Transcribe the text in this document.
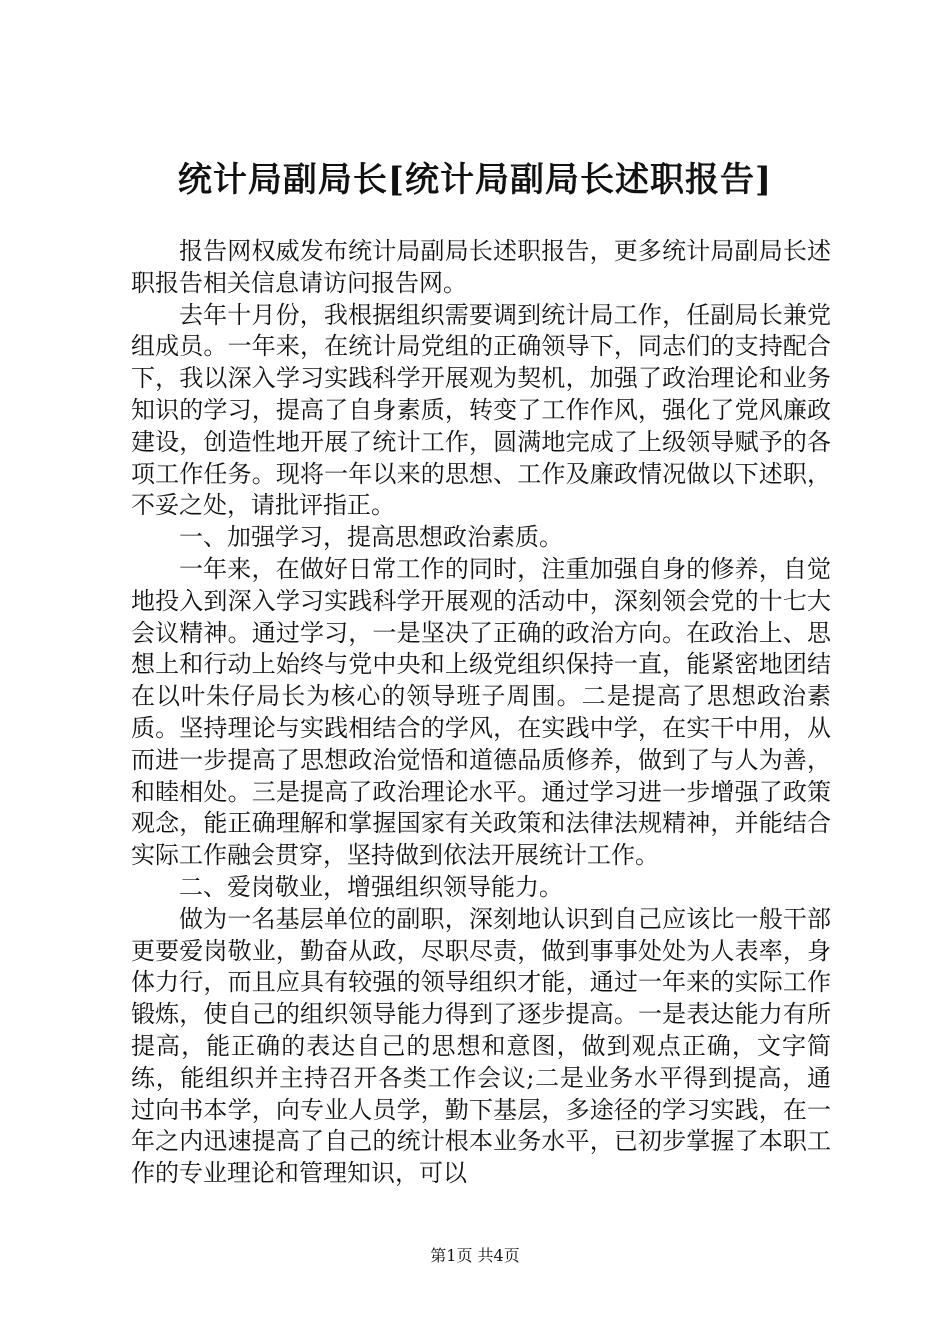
统计局副局长[统计局副局长述职报告]

报告网权威发布统计局副局长述职报告，更多统计局副局长述职报告相关信息请访问报告网。

去年十月份，我根据组织需要调到统计局工作，任副局长兼党组成员。一年来，在统计局党组的正确领导下，同志们的支持配合下，我以深入学习实践科学开展观为契机，加强了政治理论和业务知识的学习，提高了自身素质，转变了工作作风，强化了党风廉政建设，创造性地开展了统计工作，圆满地完成了上级领导赋予的各项工作任务。现将一年以来的思想、工作及廉政情况做以下述职，不妥之处，请批评指正。

一、加强学习，提高思想政治素质。

一年来，在做好日常工作的同时，注重加强自身的修养，自觉地投入到深入学习实践科学开展观的活动中，深刻领会党的十七大会议精神。通过学习，一是坚决了正确的政治方向。在政治上、思想上和行动上始终与党中央和上级党组织保持一直，能紧密地团结在以叶朱仔局长为核心的领导班子周围。二是提高了思想政治素质。坚持理论与实践相结合的学风，在实践中学，在实干中用，从而进一步提高了思想政治觉悟和道德品质修养，做到了与人为善，和睦相处。三是提高了政治理论水平。通过学习进一步增强了政策观念，能正确理解和掌握国家有关政策和法律法规精神，并能结合实际工作融会贯穿，坚持做到依法开展统计工作。

二、爱岗敬业，增强组织领导能力。

做为一名基层单位的副职，深刻地认识到自己应该比一般干部更要爱岗敬业，勤奋从政，尽职尽责，做到事事处处为人表率，身体力行，而且应具有较强的领导组织才能，通过一年来的实际工作锻炼，使自己的组织领导能力得到了逐步提高。一是表达能力有所提高，能正确的表达自己的思想和意图，做到观点正确，文字简练，能组织并主持召开各类工作会议;二是业务水平得到提高，通过向书本学，向专业人员学，勤下基层，多途径的学习实践，在一年之内迅速提高了自己的统计根本业务水平，已初步掌握了本职工作的专业理论和管理知识，可以

第1页 共4页
